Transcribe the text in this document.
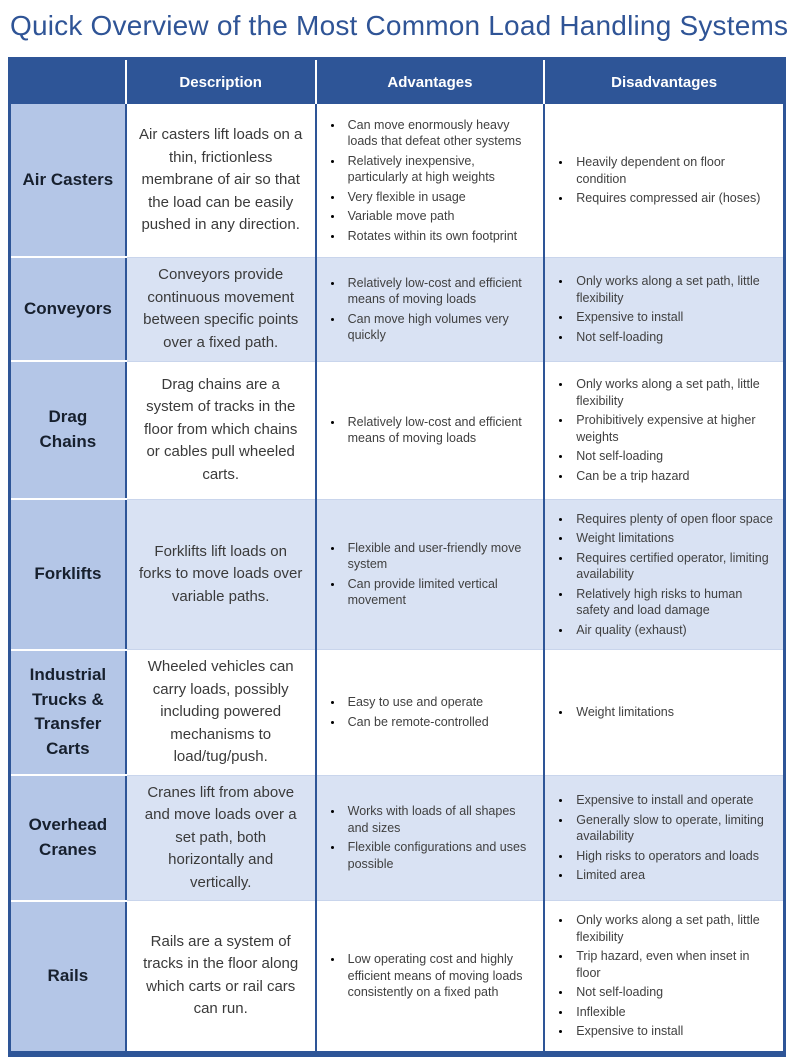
Quick Overview of the Most Common Load Handling Systems
	Description	Advantages	Disadvantages
Air Casters	Air casters lift loads on a thin, frictionless membrane of air so that the load can be easily pushed in any direction.	
• Can move enormously heavy loads that defeat other systems
• Relatively inexpensive, particularly at high weights
• Very flexible in usage
• Variable move path
• Rotates within its own footprint

• Heavily dependent on floor condition
• Requires compressed air (hoses)

Conveyors	Conveyors provide continuous movement between specific points over a fixed path.	
• Relatively low-cost and efficient means of moving loads
• Can move high volumes very quickly

• Only works along a set path, little flexibility
• Expensive to install
• Not self-loading

Drag Chains	Drag chains are a system of tracks in the floor from which chains or cables pull wheeled carts.	
• Relatively low-cost and efficient means of moving loads

• Only works along a set path, little flexibility
• Prohibitively expensive at higher weights
• Not self-loading
• Can be a trip hazard

Forklifts	Forklifts lift loads on forks to move loads over variable paths.	
• Flexible and user-friendly move system
• Can provide limited vertical movement

• Requires plenty of open floor space
• Weight limitations
• Requires certified operator, limiting availability
• Relatively high risks to human safety and load damage
• Air quality (exhaust)

Industrial Trucks & Transfer Carts	Wheeled vehicles can carry loads, possibly including powered mechanisms to load/tug/push.	
• Easy to use and operate
• Can be remote-controlled

• Weight limitations

Overhead Cranes	Cranes lift from above and move loads over a set path, both horizontally and vertically.	
• Works with loads of all shapes and sizes
• Flexible configurations and uses possible

• Expensive to install and operate
• Generally slow to operate, limiting availability
• High risks to operators and loads
• Limited area

Rails	Rails are a system of tracks in the floor along which carts or rail cars can run.	
• Low operating cost and highly efficient means of moving loads consistently on a fixed path

• Only works along a set path, little flexibility
• Trip hazard, even when inset in floor
• Not self-loading
• Inflexible
• Expensive to install
